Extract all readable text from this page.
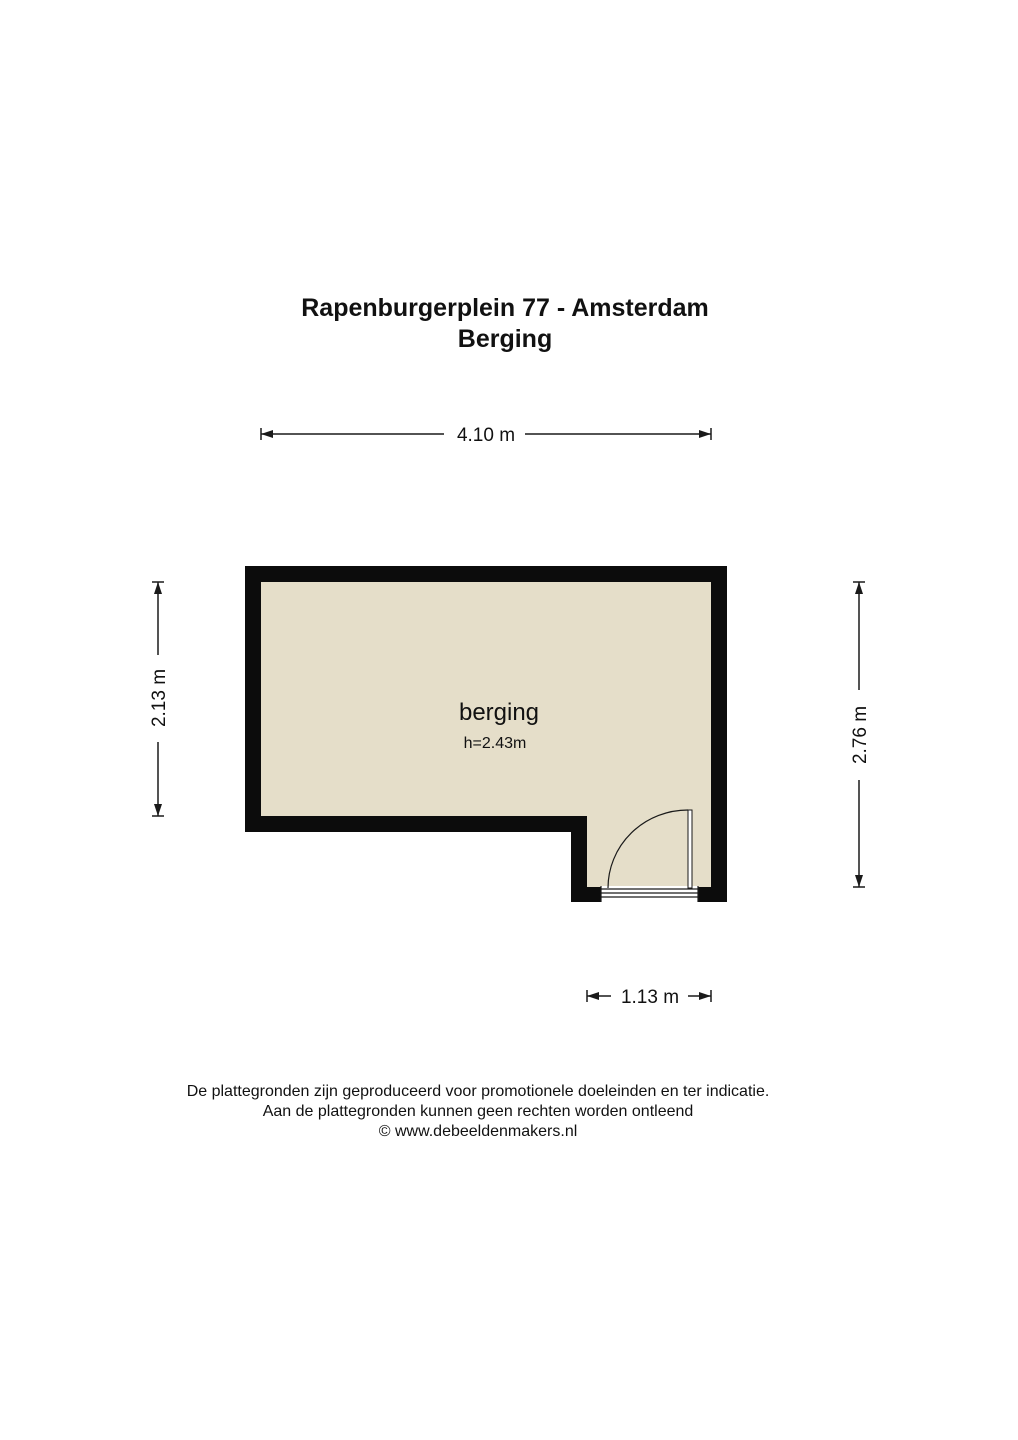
Rapenburgerplein 77 - Amsterdam
Berging
berging
h=2.43m
4.10 m
2.13 m
2.76 m
1.13 m
De plattegronden zijn geproduceerd voor promotionele doeleinden en ter indicatie.
Aan de plattegronden kunnen geen rechten worden ontleend
© www.debeeldenmakers.nl
